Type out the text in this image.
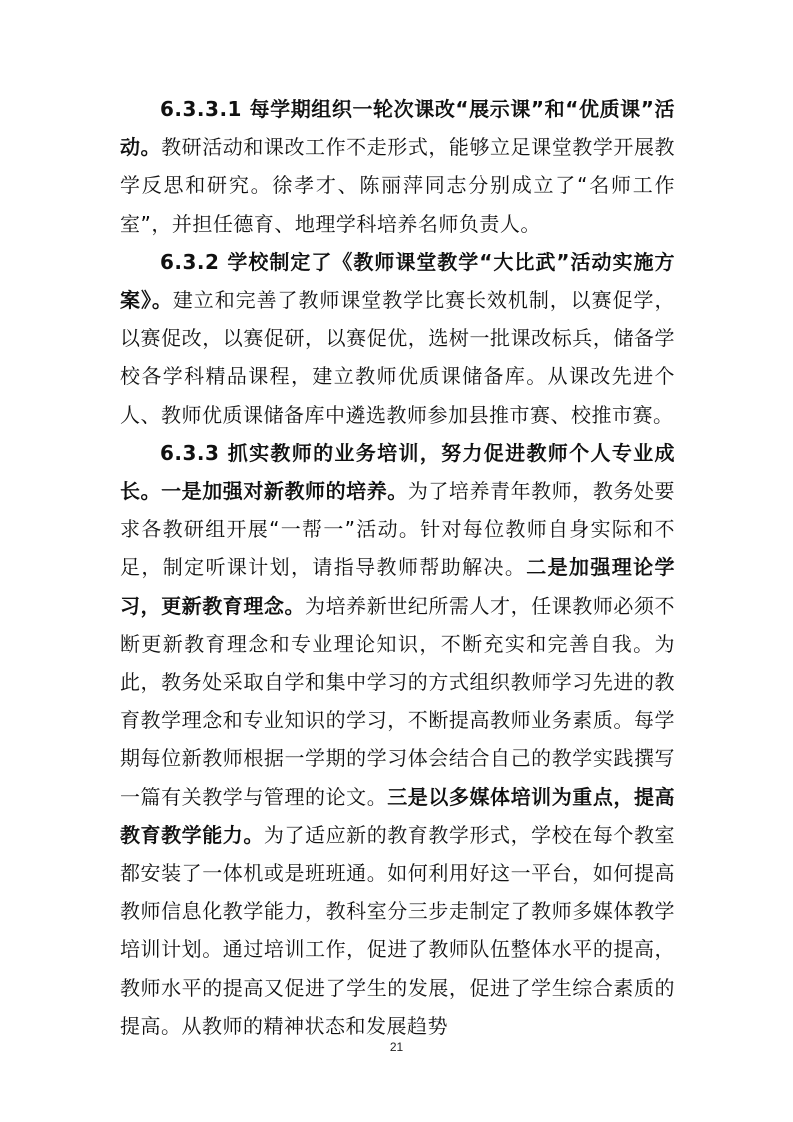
6.3.3.1 每学期组织一轮次课改“展示课”和“优质课”活动。教研活动和课改工作不走形式，能够立足课堂教学开展教学反思和研究。徐孝才、陈丽萍同志分别成立了“名师工作室”，并担任德育、地理学科培养名师负责人。

6.3.2 学校制定了《教师课堂教学“大比武”活动实施方案》。建立和完善了教师课堂教学比赛长效机制，以赛促学，以赛促改，以赛促研，以赛促优，选树一批课改标兵，储备学校各学科精品课程，建立教师优质课储备库。从课改先进个人、教师优质课储备库中遴选教师参加县推市赛、校推市赛。

6.3.3 抓实教师的业务培训，努力促进教师个人专业成长。一是加强对新教师的培养。为了培养青年教师，教务处要求各教研组开展“一帮一”活动。针对每位教师自身实际和不足，制定听课计划，请指导教师帮助解决。二是加强理论学习，更新教育理念。为培养新世纪所需人才，任课教师必须不断更新教育理念和专业理论知识，不断充实和完善自我。为此，教务处采取自学和集中学习的方式组织教师学习先进的教育教学理念和专业知识的学习，不断提高教师业务素质。每学期每位新教师根据一学期的学习体会结合自己的教学实践撰写一篇有关教学与管理的论文。三是以多媒体培训为重点，提高教育教学能力。为了适应新的教育教学形式，学校在每个教室都安装了一体机或是班班通。如何利用好这一平台，如何提高教师信息化教学能力，教科室分三步走制定了教师多媒体教学培训计划。通过培训工作，促进了教师队伍整体水平的提高，教师水平的提高又促进了学生的发展，促进了学生综合素质的提高。从教师的精神状态和发展趋势

21
